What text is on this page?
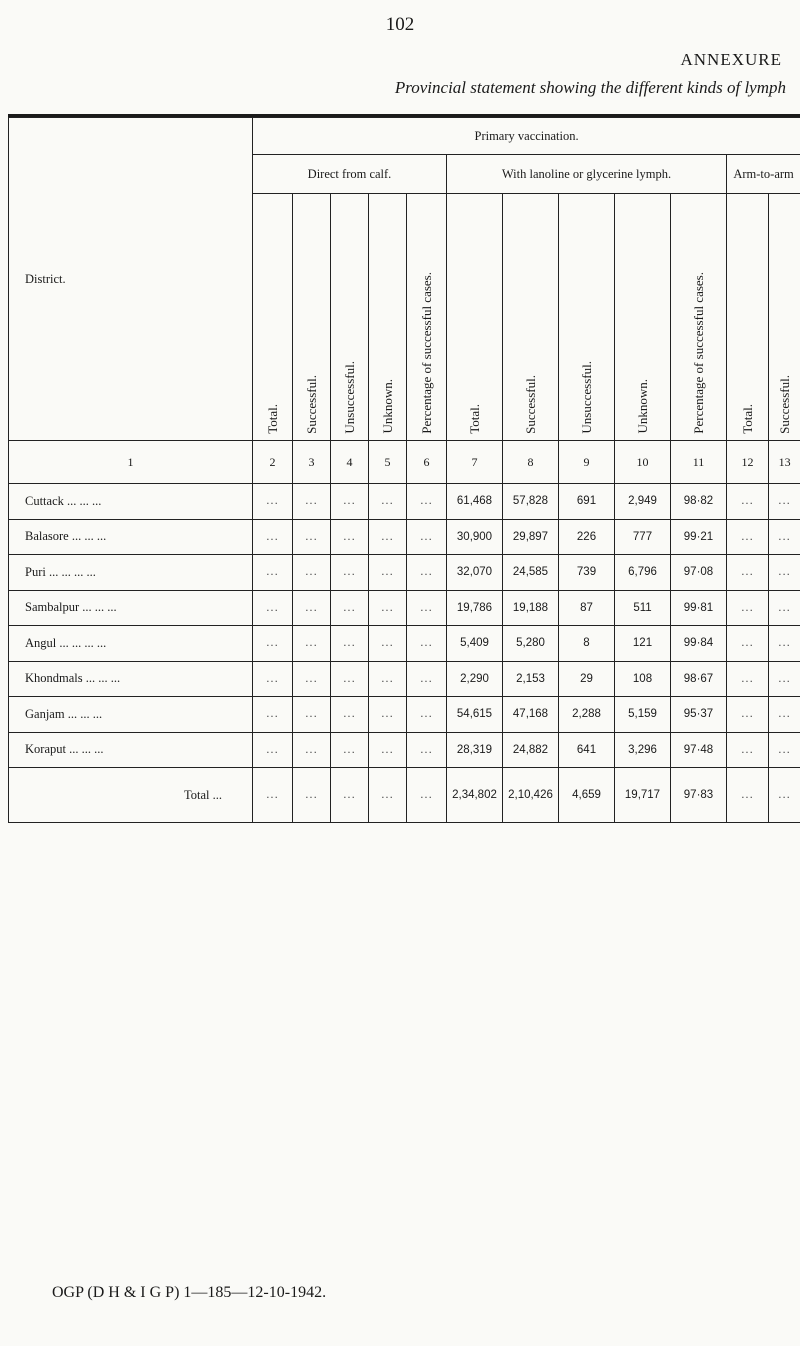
102
ANNEXURE
Provincial statement showing the different kinds of lymph
District.	Primary vaccination.											
	Direct from calf.					With lanoline or glycerine lymph.					Arm-to-arm	

	Total.	Successful.	Unsuccessful.	Unknown.	Percentage of successful cases.	Total.	Successful.	Unsuccessful.	Unknown.	Percentage of successful cases.	Total.	Successful.

1	2	3	4	5	6	7	8	9	10	11	12	13
Cuttack ... ... ...	...	...	...	...	...	61,468	57,828	691	2,949	98·82	...	...
Balasore ... ... ...	...	...	...	...	...	30,900	29,897	226	777	99·21	...	...
Puri ... ... ... ...	...	...	...	...	...	32,070	24,585	739	6,796	97·08	...	...
Sambalpur ... ... ...	...	...	...	...	...	19,786	19,188	87	511	99·81	...	...
Angul ... ... ... ...	...	...	...	...	...	5,409	5,280	8	121	99·84	...	...
Khondmals ... ... ...	...	...	...	...	...	2,290	2,153	29	108	98·67	...	...
Ganjam ... ... ...	...	...	...	...	...	54,615	47,168	2,288	5,159	95·37	...	...
Koraput ... ... ...	...	...	...	...	...	28,319	24,882	641	3,296	97·48	...	...
Total ...	...	...	...	...	...	2,34,802	2,10,426	4,659	19,717	97·83	...	...
OGP (D H & I G P) 1—185—12-10-1942.
